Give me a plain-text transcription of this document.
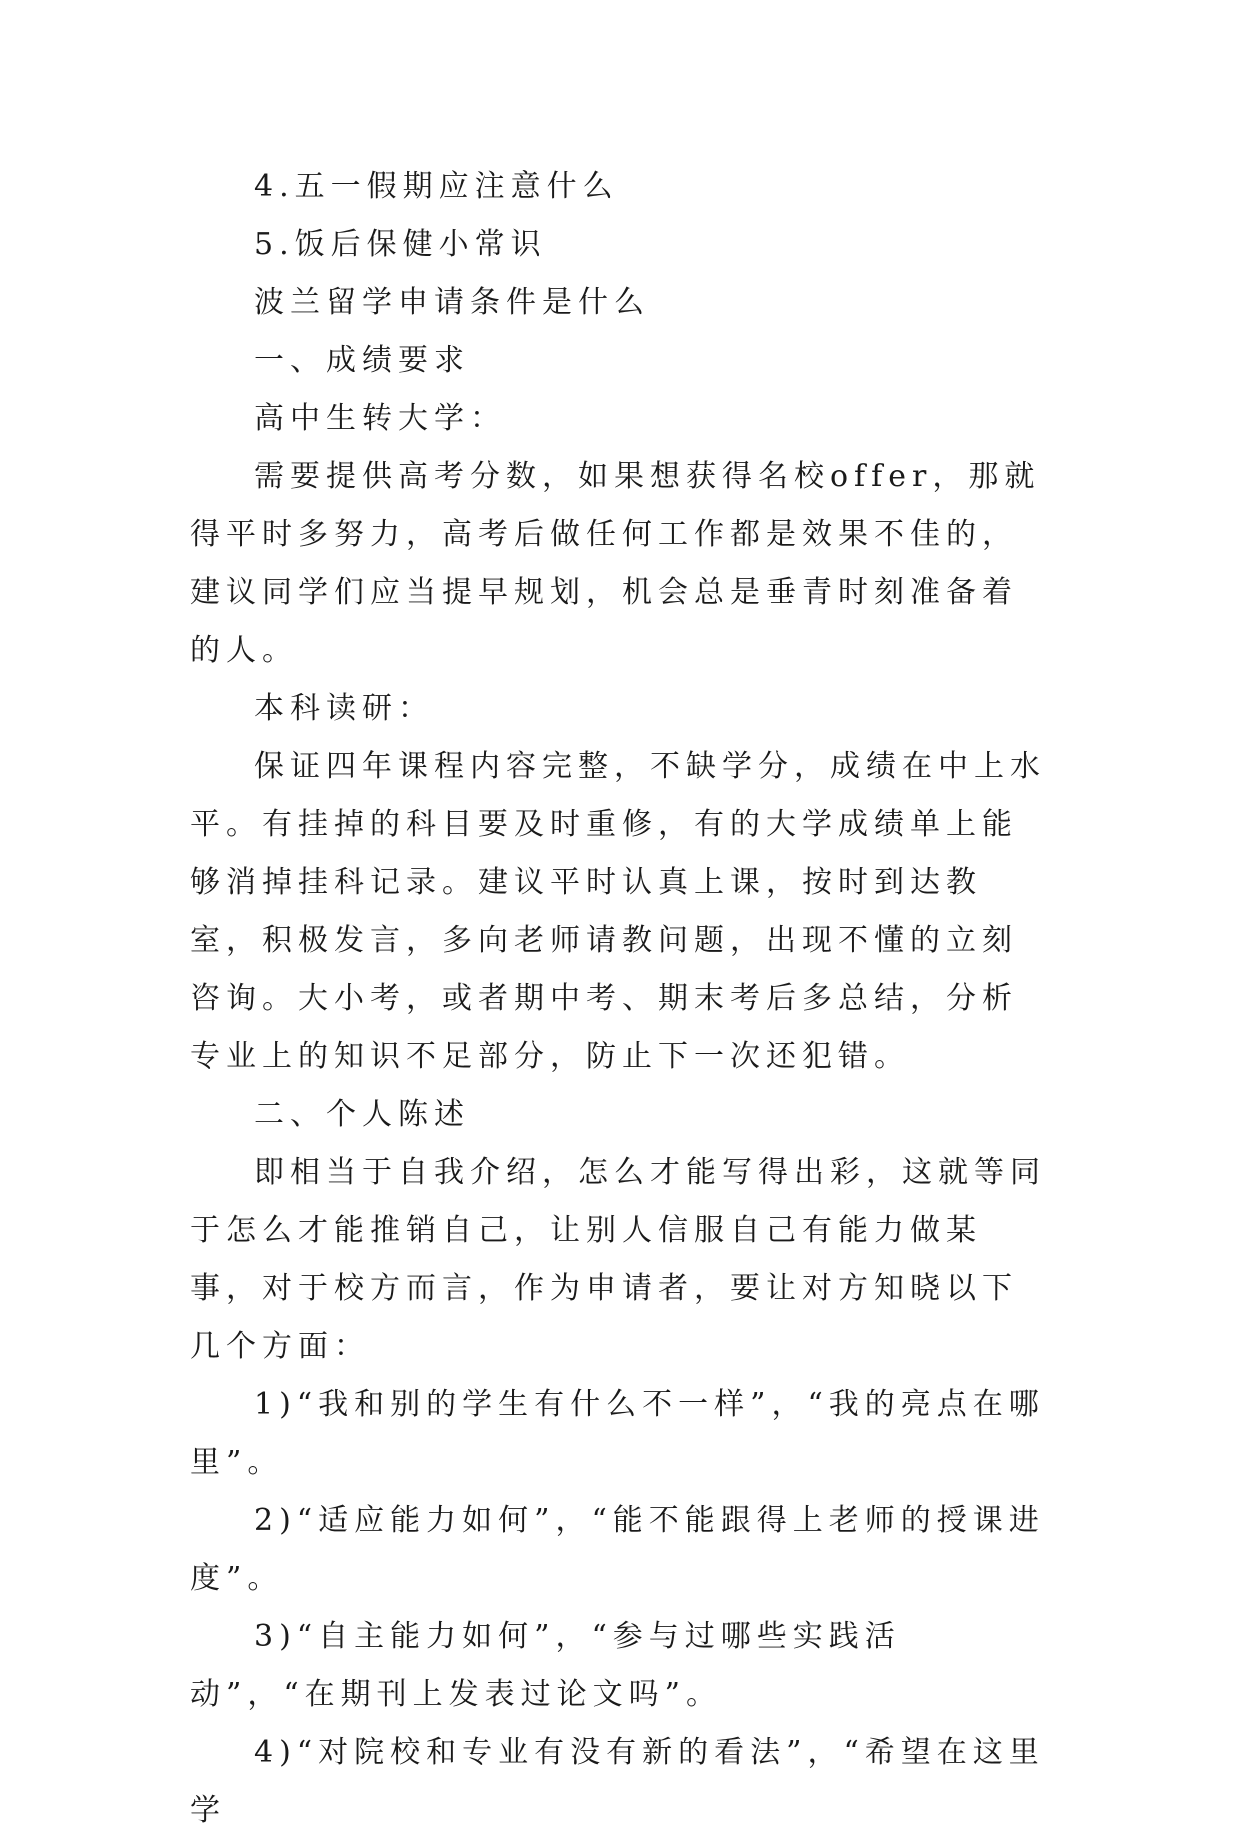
4.五一假期应注意什么

5.饭后保健小常识

波兰留学申请条件是什么

一、成绩要求

高中生转大学：

需要提供高考分数，如果想获得名校offer，那就得平时多努力，高考后做任何工作都是效果不佳的，建议同学们应当提早规划，机会总是垂青时刻准备着的人。

本科读研：

保证四年课程内容完整，不缺学分，成绩在中上水平。有挂掉的科目要及时重修，有的大学成绩单上能够消掉挂科记录。建议平时认真上课，按时到达教室，积极发言，多向老师请教问题，出现不懂的立刻咨询。大小考，或者期中考、期末考后多总结，分析专业上的知识不足部分，防止下一次还犯错。

二、个人陈述

即相当于自我介绍，怎么才能写得出彩，这就等同于怎么才能推销自己，让别人信服自己有能力做某事，对于校方而言，作为申请者，要让对方知晓以下几个方面：

1)“我和别的学生有什么不一样”，“我的亮点在哪里”。

2)“适应能力如何”，“能不能跟得上老师的授课进度”。

3)“自主能力如何”，“参与过哪些实践活动”，“在期刊上发表过论文吗”。

4)“对院校和专业有没有新的看法”，“希望在这里学
